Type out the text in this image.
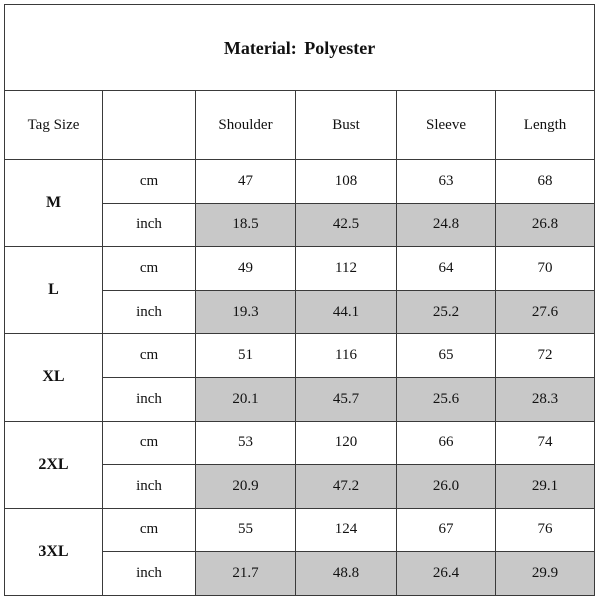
Material: Polyester					
Tag Size		Shoulder	Bust	Sleeve	Length
M	cm	47	108	63	68
	inch	18.5	42.5	24.8	26.8
L	cm	49	112	64	70
	inch	19.3	44.1	25.2	27.6
XL	cm	51	116	65	72
	inch	20.1	45.7	25.6	28.3
2XL	cm	53	120	66	74
	inch	20.9	47.2	26.0	29.1
3XL	cm	55	124	67	76
	inch	21.7	48.8	26.4	29.9
